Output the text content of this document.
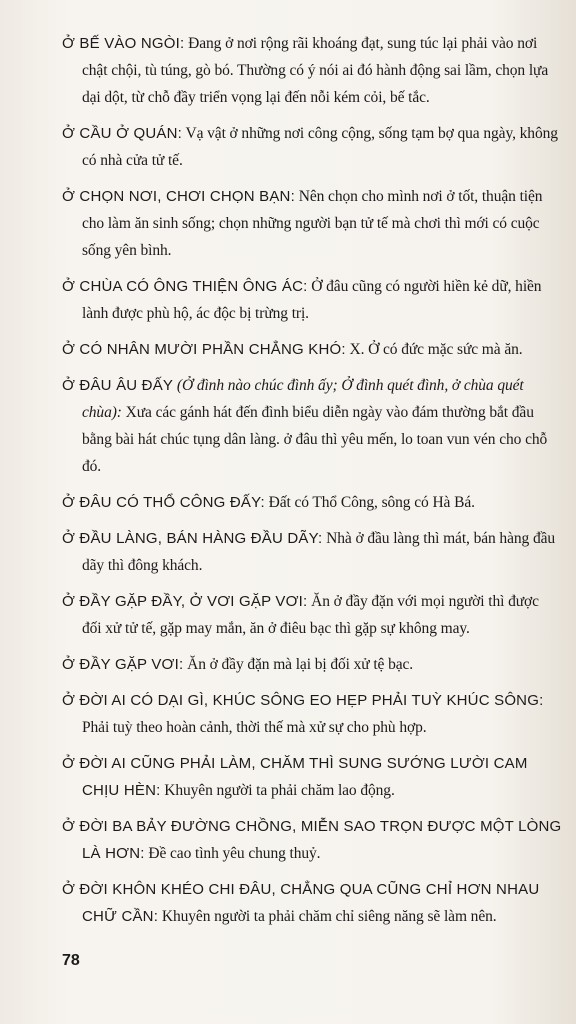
Ở BẾ VÀO NGÒI: Đang ở nơi rộng rãi khoáng đạt, sung túc lại phải vào nơi chật chội, tù túng, gò bó. Thường có ý nói ai đó hành động sai lầm, chọn lựa dại dột, từ chỗ đầy triển vọng lại đến nỗi kém cỏi, bế tắc.

Ở CẦU Ở QUÁN: Vạ vật ở những nơi công cộng, sống tạm bợ qua ngày, không có nhà cửa tử tế.

Ở CHỌN NƠI, CHƠI CHỌN BẠN: Nên chọn cho mình nơi ở tốt, thuận tiện cho làm ăn sinh sống; chọn những người bạn tử tế mà chơi thì mới có cuộc sống yên bình.

Ở CHÙA CÓ ÔNG THIỆN ÔNG ÁC: Ở đâu cũng có người hiền kẻ dữ, hiền lành được phù hộ, ác độc bị trừng trị.

Ở CÓ NHÂN MƯỜI PHẦN CHẲNG KHÓ: X. Ở có đức mặc sức mà ăn.

Ở ĐÂU ÂU ĐẤY (Ở đình nào chúc đình ấy; Ở đình quét đình, ở chùa quét chùa): Xưa các gánh hát đến đình biểu diễn ngày vào đám thường bắt đầu bằng bài hát chúc tụng dân làng. ở đâu thì yêu mến, lo toan vun vén cho chỗ đó.

Ở ĐÂU CÓ THỔ CÔNG ĐẤY: Đất có Thổ Công, sông có Hà Bá.

Ở ĐẦU LÀNG, BÁN HÀNG ĐẦU DÃY: Nhà ở đầu làng thì mát, bán hàng đầu dãy thì đông khách.

Ở ĐẦY GẶP ĐẦY, Ở VƠI GẶP VƠI: Ăn ở đầy đặn với mọi người thì được đối xử tử tế, gặp may mắn, ăn ở điêu bạc thì gặp sự không may.

Ở ĐẦY GẶP VƠI: Ăn ở đầy đặn mà lại bị đối xử tệ bạc.

Ở ĐỜI AI CÓ DẠI GÌ, KHÚC SÔNG EO HẸP PHẢI TUỲ KHÚC SÔNG: Phải tuỳ theo hoàn cảnh, thời thế mà xử sự cho phù hợp.

Ở ĐỜI AI CŨNG PHẢI LÀM, CHĂM THÌ SUNG SƯỚNG LƯỜI CAM CHỊU HÈN: Khuyên người ta phải chăm lao động.

Ở ĐỜI BA BẢY ĐƯỜNG CHỒNG, MIỄN SAO TRỌN ĐƯỢC MỘT LÒNG LÀ HƠN: Đề cao tình yêu chung thuỷ.

Ở ĐỜI KHÔN KHÉO CHI ĐÂU, CHẲNG QUA CŨNG CHỈ HƠN NHAU CHỮ CẦN: Khuyên người ta phải chăm chỉ siêng năng sẽ làm nên.

78
